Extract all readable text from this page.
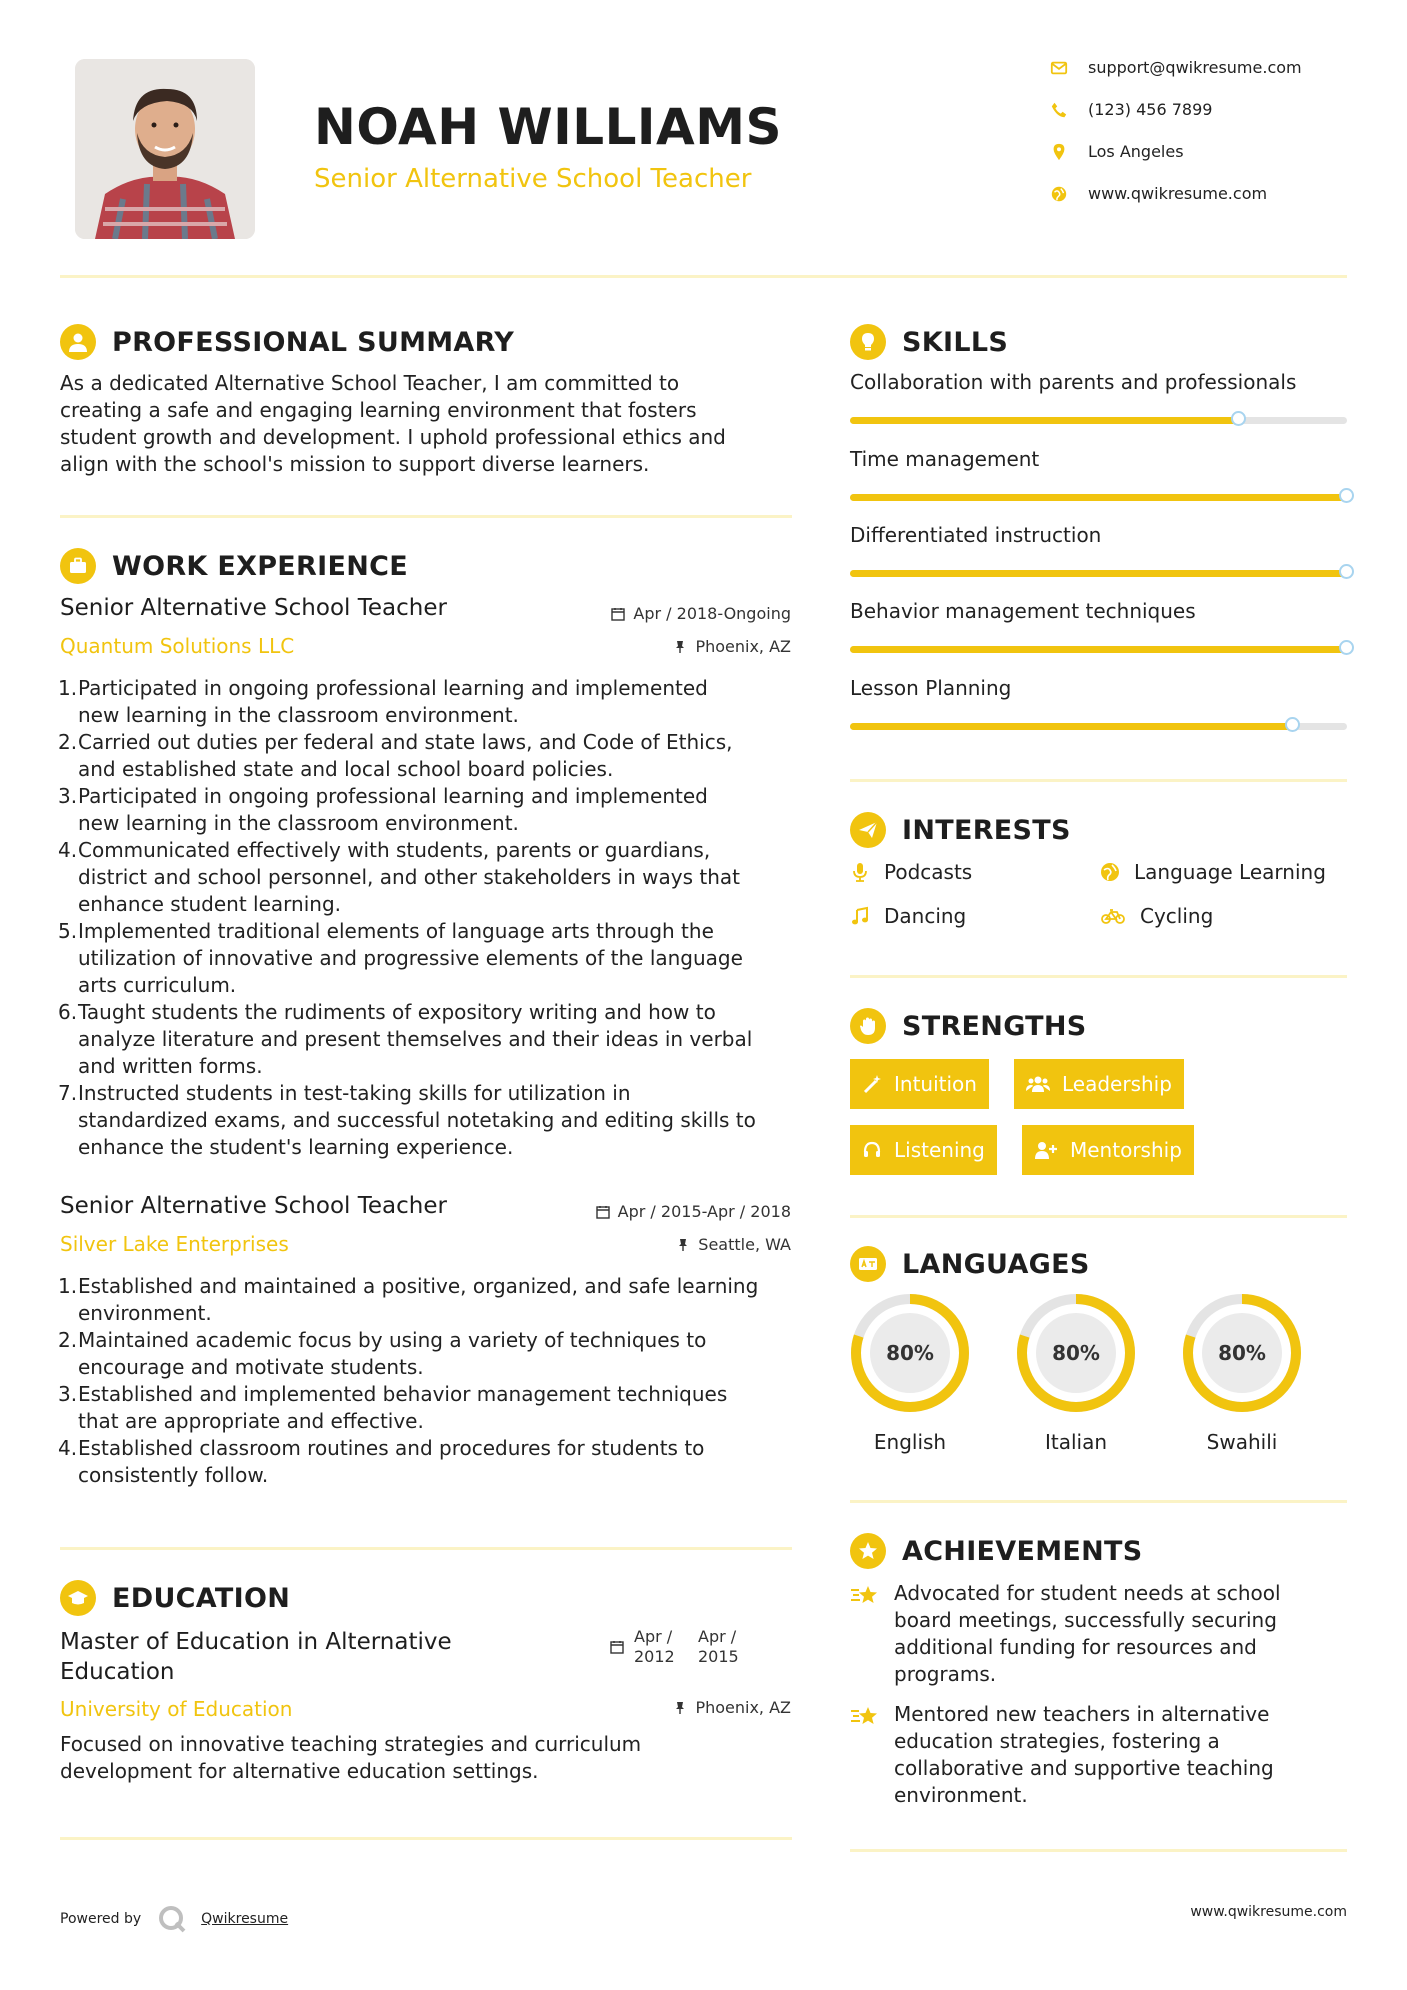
NOAH WILLIAMS
Senior Alternative School Teacher
support@qwikresume.com
(123) 456 7899
Los Angeles
www.qwikresume.com
PROFESSIONAL SUMMARY
As a dedicated Alternative School Teacher, I am committed to
creating a safe and engaging learning environment that fosters
student growth and development. I uphold professional ethics and
align with the school's mission to support diverse learners.
WORK EXPERIENCE
Senior Alternative School Teacher
Quantum Solutions LLC
Apr / 2018-Ongoing
Phoenix, AZ
1. Participated in ongoing professional learning and implemented
new learning in the classroom environment.
2. Carried out duties per federal and state laws, and Code of Ethics,
and established state and local school board policies.
3. Participated in ongoing professional learning and implemented
new learning in the classroom environment.
4. Communicated effectively with students, parents or guardians,
district and school personnel, and other stakeholders in ways that
enhance student learning.
5. Implemented traditional elements of language arts through the
utilization of innovative and progressive elements of the language
arts curriculum.
6. Taught students the rudiments of expository writing and how to
analyze literature and present themselves and their ideas in verbal
and written forms.
7. Instructed students in test-taking skills for utilization in
standardized exams, and successful notetaking and editing skills to
enhance the student's learning experience.
Senior Alternative School Teacher
Silver Lake Enterprises
Apr / 2015-Apr / 2018
Seattle, WA
1. Established and maintained a positive, organized, and safe learning
environment.
2. Maintained academic focus by using a variety of techniques to
encourage and motivate students.
3. Established and implemented behavior management techniques
that are appropriate and effective.
4. Established classroom routines and procedures for students to
consistently follow.
EDUCATION
Master of Education in Alternative
Education
University of Education
Apr /
2012
Apr /
2015
Phoenix, AZ
Focused on innovative teaching strategies and curriculum
development for alternative education settings.
SKILLS
Collaboration with parents and professionals
Time management
Differentiated instruction
Behavior management techniques
Lesson Planning
INTERESTS
Podcasts	Language Learning
Dancing	Cycling
STRENGTHS
Intuition	Leadership
Listening	Mentorship
LANGUAGES
80%	80%	80%
English	Italian	Swahili
ACHIEVEMENTS
Advocated for student needs at school
board meetings, successfully securing
additional funding for resources and
programs.
Mentored new teachers in alternative
education strategies, fostering a
collaborative and supportive teaching
environment.
Powered by	Qwikresume	www.qwikresume.com
